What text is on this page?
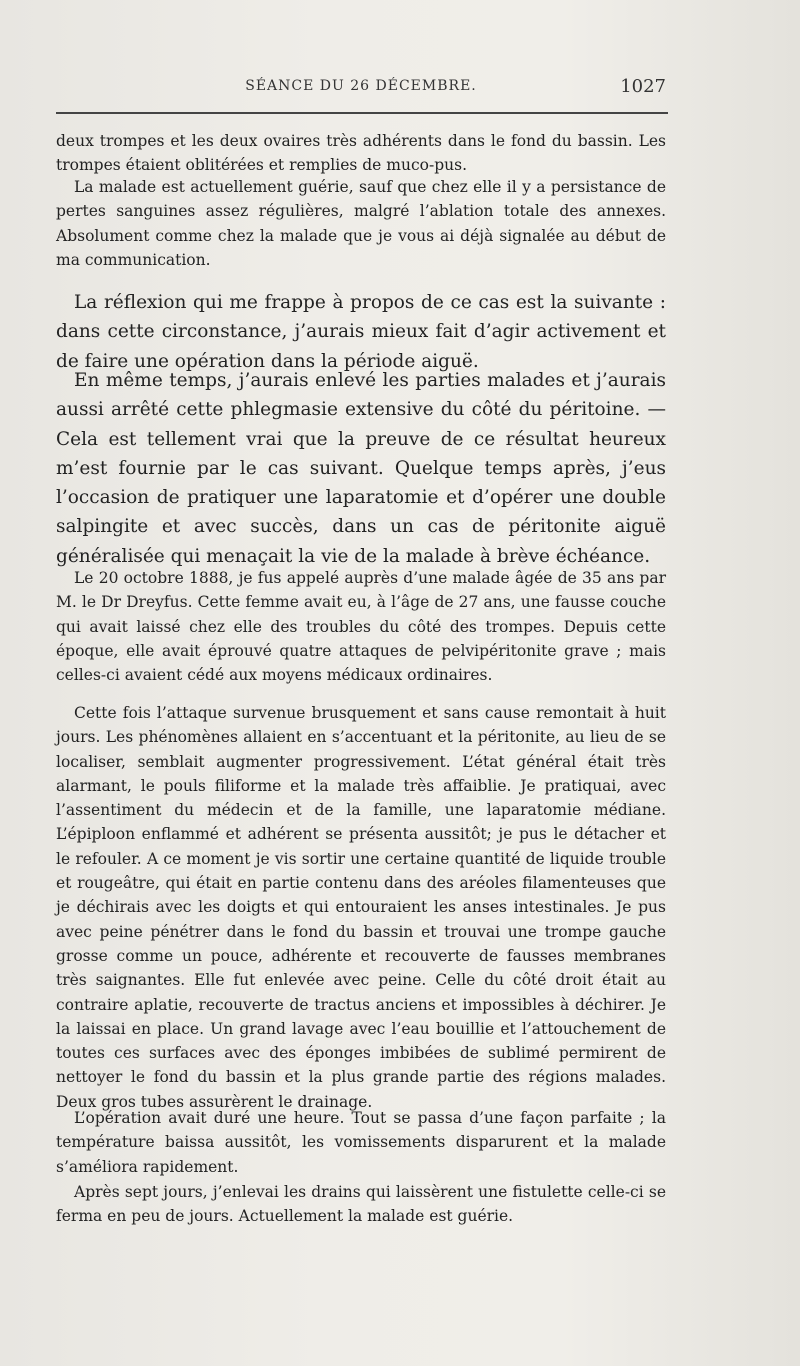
SÉANCE DU 26 DÉCEMBRE.	1027

deux trompes et les deux ovaires très adhérents dans le fond du bassin. Les trompes étaient oblitérées et remplies de muco-pus.

La malade est actuellement guérie, sauf que chez elle il y a persistance de pertes sanguines assez régulières, malgré l’ablation totale des annexes. Absolument comme chez la malade que je vous ai déjà signalée au début de ma communication.

La réflexion qui me frappe à propos de ce cas est la suivante : dans cette circonstance, j’aurais mieux fait d’agir activement et de faire une opération dans la période aiguë.

En même temps, j’aurais enlevé les parties malades et j’aurais aussi arrêté cette phlegmasie extensive du côté du péritoine. — Cela est tellement vrai que la preuve de ce résultat heureux m’est fournie par le cas suivant. Quelque temps après, j’eus l’occasion de pratiquer une laparatomie et d’opérer une double salpingite et avec succès, dans un cas de péritonite aiguë généralisée qui menaçait la vie de la malade à brève échéance.

Le 20 octobre 1888, je fus appelé auprès d’une malade âgée de 35 ans par M. le Dr Dreyfus. Cette femme avait eu, à l’âge de 27 ans, une fausse couche qui avait laissé chez elle des troubles du côté des trompes. Depuis cette époque, elle avait éprouvé quatre attaques de pelvipéritonite grave ; mais celles-ci avaient cédé aux moyens médicaux ordinaires.

Cette fois l’attaque survenue brusquement et sans cause remontait à huit jours. Les phénomènes allaient en s’accentuant et la péritonite, au lieu de se localiser, semblait augmenter progressivement. L’état général était très alarmant, le pouls filiforme et la malade très affaiblie. Je pratiquai, avec l’assentiment du médecin et de la famille, une laparatomie médiane. L’épiploon enflammé et adhérent se présenta aussitôt; je pus le détacher et le refouler. A ce moment je vis sortir une certaine quantité de liquide trouble et rougeâtre, qui était en partie contenu dans des aréoles filamenteuses que je déchirais avec les doigts et qui entouraient les anses intestinales. Je pus avec peine pénétrer dans le fond du bassin et trouvai une trompe gauche grosse comme un pouce, adhérente et recouverte de fausses membranes très saignantes. Elle fut enlevée avec peine. Celle du côté droit était au contraire aplatie, recouverte de tractus anciens et impossibles à déchirer. Je la laissai en place. Un grand lavage avec l’eau bouillie et l’attouchement de toutes ces surfaces avec des éponges imbibées de sublimé permirent de nettoyer le fond du bassin et la plus grande partie des régions malades. Deux gros tubes assurèrent le drainage.

L’opération avait duré une heure. Tout se passa d’une façon parfaite ; la température baissa aussitôt, les vomissements disparurent et la malade s’améliora rapidement.

Après sept jours, j’enlevai les drains qui laissèrent une fistulette celle-ci se ferma en peu de jours. Actuellement la malade est guérie.
